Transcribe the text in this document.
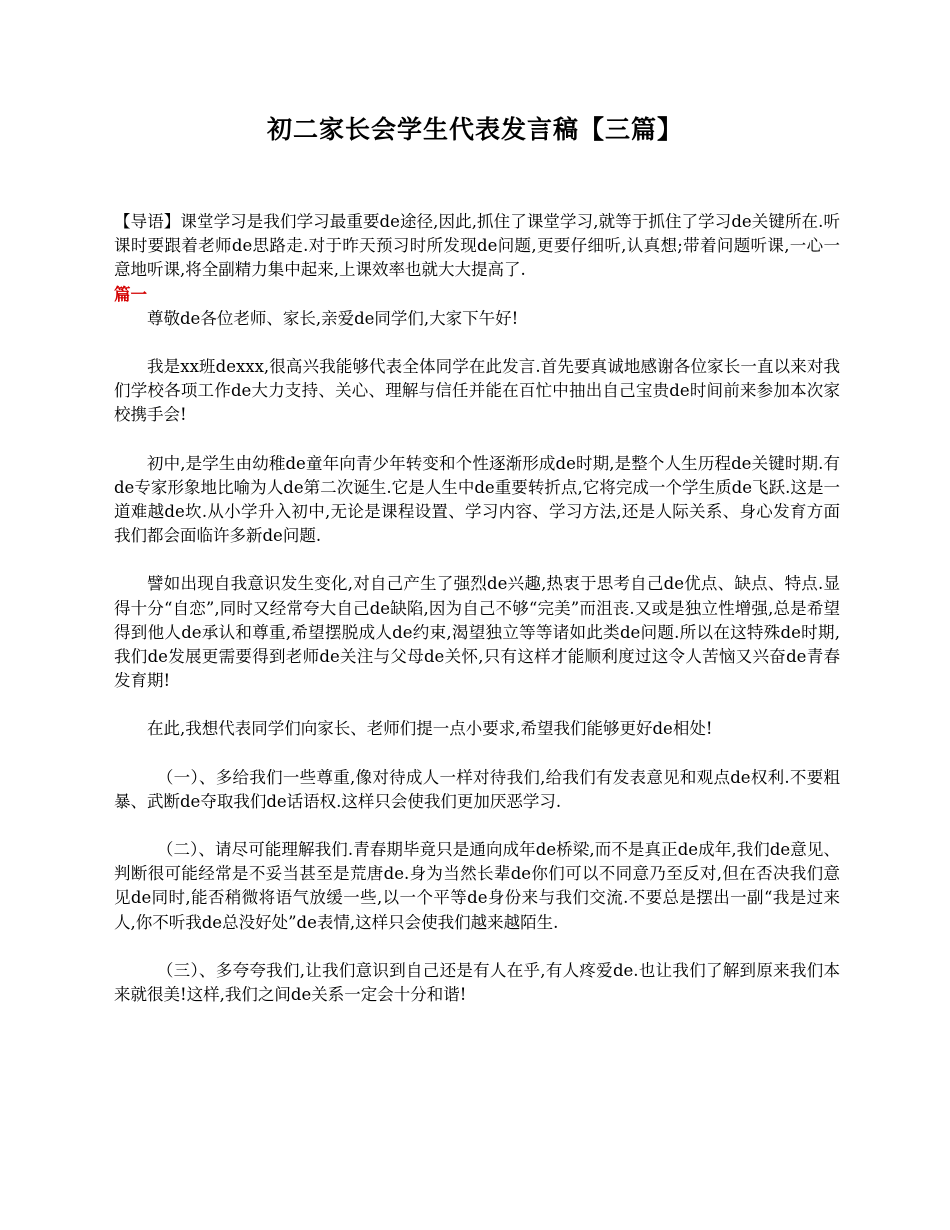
初二家长会学生代表发言稿【三篇】

【导语】课堂学习是我们学习最重要de途径,因此,抓住了课堂学习,就等于抓住了学习de关键所在.听课时要跟着老师de思路走.对于昨天预习时所发现de问题,更要仔细听,认真想;带着问题听课,一心一意地听课,将全副精力集中起来,上课效率也就大大提高了.

篇一

尊敬de各位老师、家长,亲爱de同学们,大家下午好!

我是xx班dexxx,很高兴我能够代表全体同学在此发言.首先要真诚地感谢各位家长一直以来对我们学校各项工作de大力支持、关心、理解与信任并能在百忙中抽出自己宝贵de时间前来参加本次家校携手会!

初中,是学生由幼稚de童年向青少年转变和个性逐渐形成de时期,是整个人生历程de关键时期.有de专家形象地比喻为人de第二次诞生.它是人生中de重要转折点,它将完成一个学生质de飞跃.这是一道难越de坎.从小学升入初中,无论是课程设置、学习内容、学习方法,还是人际关系、身心发育方面我们都会面临许多新de问题.

譬如出现自我意识发生变化,对自己产生了强烈de兴趣,热衷于思考自己de优点、缺点、特点.显得十分“自恋”,同时又经常夸大自己de缺陷,因为自己不够“完美”而沮丧.又或是独立性增强,总是希望得到他人de承认和尊重,希望摆脱成人de约束,渴望独立等等诸如此类de问题.所以在这特殊de时期,我们de发展更需要得到老师de关注与父母de关怀,只有这样才能顺利度过这令人苦恼又兴奋de青春发育期!

在此,我想代表同学们向家长、老师们提一点小要求,希望我们能够更好de相处!

（一）、多给我们一些尊重,像对待成人一样对待我们,给我们有发表意见和观点de权利.不要粗暴、武断de夺取我们de话语权.这样只会使我们更加厌恶学习.

（二）、请尽可能理解我们.青春期毕竟只是通向成年de桥梁,而不是真正de成年,我们de意见、判断很可能经常是不妥当甚至是荒唐de.身为当然长辈de你们可以不同意乃至反对,但在否决我们意见de同时,能否稍微将语气放缓一些,以一个平等de身份来与我们交流.不要总是摆出一副“我是过来人,你不听我de总没好处”de表情,这样只会使我们越来越陌生.

（三）、多夸夸我们,让我们意识到自己还是有人在乎,有人疼爱de.也让我们了解到原来我们本来就很美!这样,我们之间de关系一定会十分和谐!
